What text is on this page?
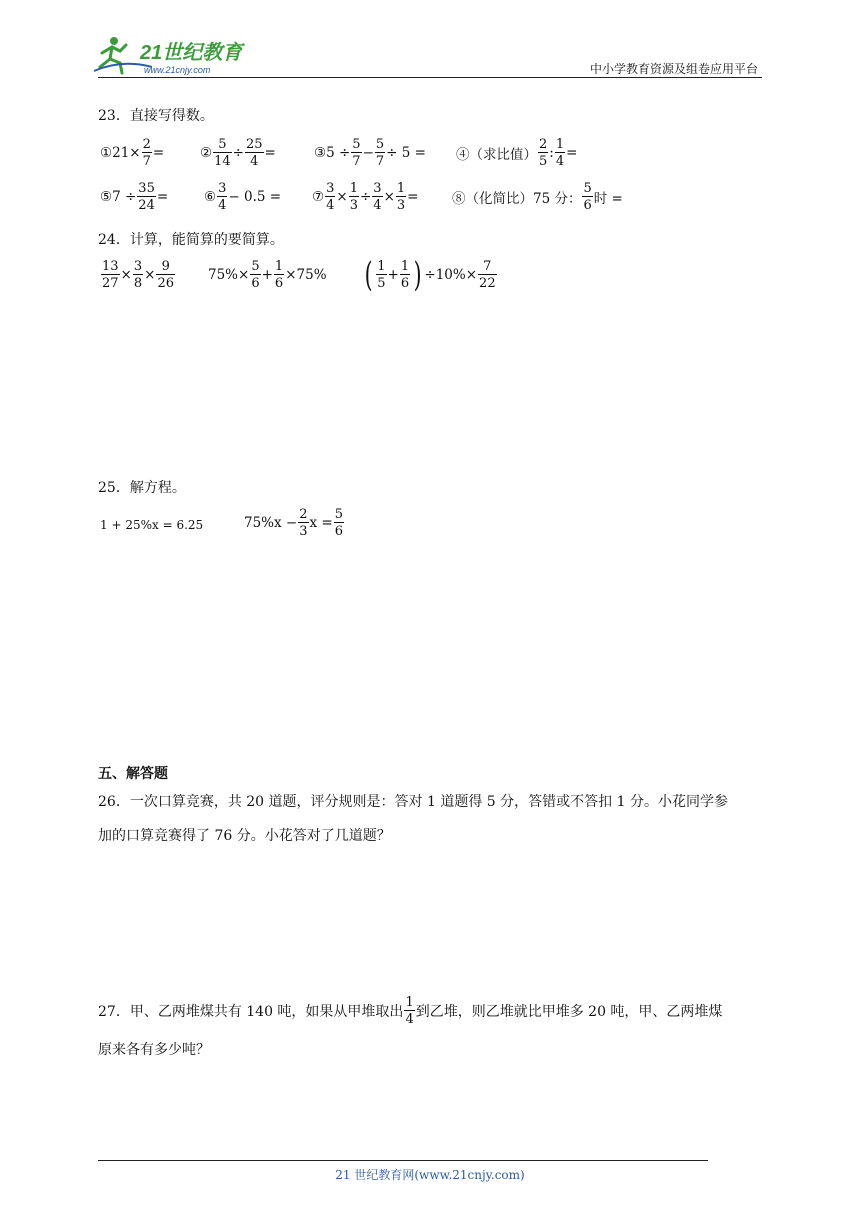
21世纪教育
www.21cnjy.com	中小学教育资源及组卷应用平台
23．直接写得数。
①21× $\frac{2}{7}$ =	② $\frac{5}{14} \div \frac{25}{4}$ =	③5 ÷ $\frac{5}{7} - \frac{5}{7} \div 5$ = ④（求比值） $\frac{2}{5}$ : $\frac{1}{4}$ =
⑤7 ÷ $\frac{35}{24}$ =	⑥ $\frac{3}{4} - 0.5$ = ⑦ $\frac{3}{4} \times \frac{1}{3} \div \frac{3}{4} \times \frac{1}{3}$ = ⑧（化简比）75 分： $\frac{5}{6}$ 时 =
24．计算，能简算的要简算。
$\frac{13}{27} \times \frac{3}{8} \times \frac{9}{26} 75\%\times \frac{5}{6} + \frac{1}{6} \times 75\%$ ( $\frac{1}{5} + \frac{1}{6}$ ) $\div 10\%\times \frac{7}{22}$
25．解方程。
1 + 25%x = 6.25	$75\%x - \frac{2}{3}$ $x = \frac{5}{6}$
五、解答题
26．一次口算竞赛，共 20 道题，评分规则是：答对 1 道题得 5 分，答错或不答扣 1 分。小花同学参
加的口算竞赛得了 76 分。小花答对了几道题？
27．甲、乙两堆煤共有 140 吨，如果从甲堆取出 $\frac{1}{4}$ 到乙堆，则乙堆就比甲堆多 20 吨，甲、乙两堆煤
原来各有多少吨？
21 世纪教育网(www.21cnjy.com)
